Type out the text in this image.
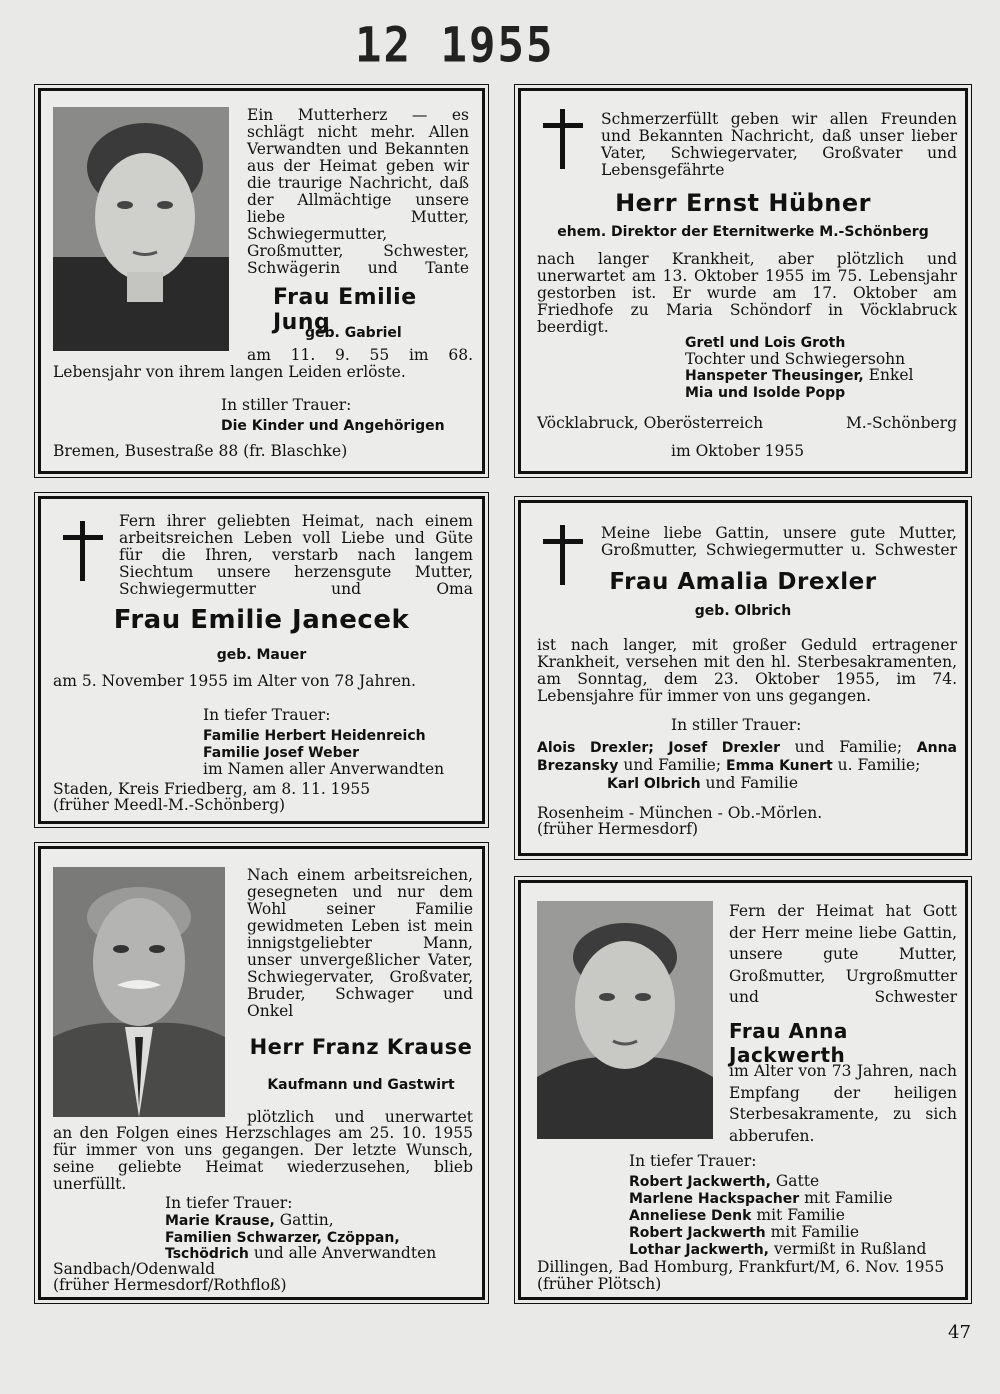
12 1955

Ein Mutterherz — es schlägt nicht mehr. Allen Verwandten und Bekannten aus der Heimat geben wir die traurige Nachricht, daß der Allmächtige unsere liebe Mutter, Schwiegermutter, Großmutter, Schwester, Schwägerin und Tante

Frau Emilie Jung
geb. Gabriel

am 11. 9. 55 im 68. Lebensjahr von ihrem langen Leiden erlöste.

In stiller Trauer:

Die Kinder und Angehörigen

Bremen, Busestraße 88 (fr. Blaschke)

Schmerzerfüllt geben wir allen Freunden und Bekannten Nachricht, daß unser lieber Vater, Schwiegervater, Großvater und Lebensgefährte

Herr Ernst Hübner
ehem. Direktor der Eternitwerke M.-Schönberg

nach langer Krankheit, aber plötzlich und unerwartet am 13. Oktober 1955 im 75. Lebensjahr gestorben ist. Er wurde am 17. Oktober am Friedhofe zu Maria Schöndorf in Vöcklabruck beerdigt.

Gretl und Lois Groth

Tochter und Schwiegersohn

Hanspeter Theusinger, Enkel

Mia und Isolde Popp
Vöcklabruck, Oberösterreich	M.-Schönberg

im Oktober 1955

Fern ihrer geliebten Heimat, nach einem arbeitsreichen Leben voll Liebe und Güte für die Ihren, verstarb nach langem Siechtum unsere herzensgute Mutter, Schwiegermutter und Oma

Frau Emilie Janecek
geb. Mauer

am 5. November 1955 im Alter von 78 Jahren.

In tiefer Trauer:

Familie Herbert Heidenreich
Familie Josef Weber

im Namen aller Anverwandten

Staden, Kreis Friedberg, am 8. 11. 1955

(früher Meedl-M.-Schönberg)

Meine liebe Gattin, unsere gute Mutter, Großmutter, Schwiegermutter u. Schwester

Frau Amalia Drexler
geb. Olbrich

ist nach langer, mit großer Geduld ertragener Krankheit, versehen mit den hl. Sterbesakramenten, am Sonntag, dem 23. Oktober 1955, im 74. Lebensjahre für immer von uns gegangen.

In stiller Trauer:

Alois Drexler; Josef Drexler und Familie; Anna Brezansky und Familie; Emma Kunert u. Familie;
Karl Olbrich und Familie

Rosenheim - München - Ob.-Mörlen.

(früher Hermesdorf)

Nach einem arbeitsreichen, gesegneten und nur dem Wohl seiner Familie gewidmeten Leben ist mein innigstgeliebter Mann, unser unvergeßlicher Vater, Schwiegervater, Großvater, Bruder, Schwager und Onkel

Herr Franz Krause
Kaufmann und Gastwirt

plötzlich und unerwartet

an den Folgen eines Herzschlages am 25. 10. 1955 für immer von uns gegangen. Der letzte Wunsch, seine geliebte Heimat wiederzusehen, blieb unerfüllt.

In tiefer Trauer:

Marie Krause, Gattin,

Familien Schwarzer, Czöppan,

Tschödrich und alle Anverwandten

Sandbach/Odenwald

(früher Hermesdorf/Rothfloß)

Fern der Heimat hat Gott der Herr meine liebe Gattin, unsere gute Mutter, Großmutter, Urgroßmutter und Schwester

Frau Anna Jackwerth

im Alter von 73 Jahren, nach Empfang der heiligen Sterbesakramente, zu sich abberufen.

In tiefer Trauer:

Robert Jackwerth, Gatte

Marlene Hackspacher mit Familie

Anneliese Denk mit Familie

Robert Jackwerth mit Familie

Lothar Jackwerth, vermißt in Rußland

Dillingen, Bad Homburg, Frankfurt/M, 6. Nov. 1955

(früher Plötsch)

47
